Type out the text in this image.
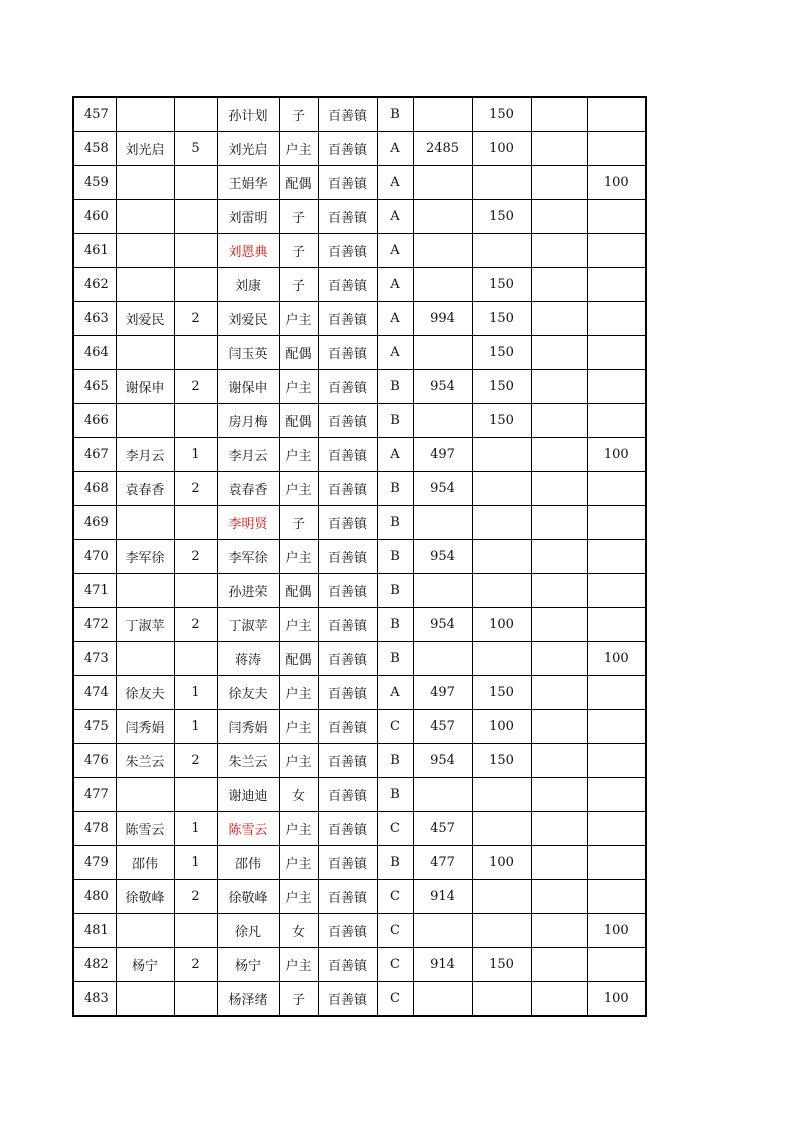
457			孙计划	子	百善镇	B		150		
458	刘光启	5	刘光启	户主	百善镇	A	2485	100		
459			王娟华	配偶	百善镇	A				100
460			刘雷明	子	百善镇	A		150		
461			刘恩典	子	百善镇	A				
462			刘康	子	百善镇	A		150		
463	刘爱民	2	刘爱民	户主	百善镇	A	994	150		
464			闫玉英	配偶	百善镇	A		150		
465	谢保申	2	谢保申	户主	百善镇	B	954	150		
466			房月梅	配偶	百善镇	B		150		
467	李月云	1	李月云	户主	百善镇	A	497			100
468	袁春香	2	袁春香	户主	百善镇	B	954			
469			李明贤	子	百善镇	B				
470	李军徐	2	李军徐	户主	百善镇	B	954			
471			孙进荣	配偶	百善镇	B				
472	丁淑苹	2	丁淑苹	户主	百善镇	B	954	100		
473			蒋涛	配偶	百善镇	B				100
474	徐友夫	1	徐友夫	户主	百善镇	A	497	150		
475	闫秀娟	1	闫秀娟	户主	百善镇	C	457	100		
476	朱兰云	2	朱兰云	户主	百善镇	B	954	150		
477			谢迪迪	女	百善镇	B				
478	陈雪云	1	陈雪云	户主	百善镇	C	457			
479	邵伟	1	邵伟	户主	百善镇	B	477	100		
480	徐敬峰	2	徐敬峰	户主	百善镇	C	914			
481			徐凡	女	百善镇	C				100
482	杨宁	2	杨宁	户主	百善镇	C	914	150		
483			杨泽绪	子	百善镇	C				100
